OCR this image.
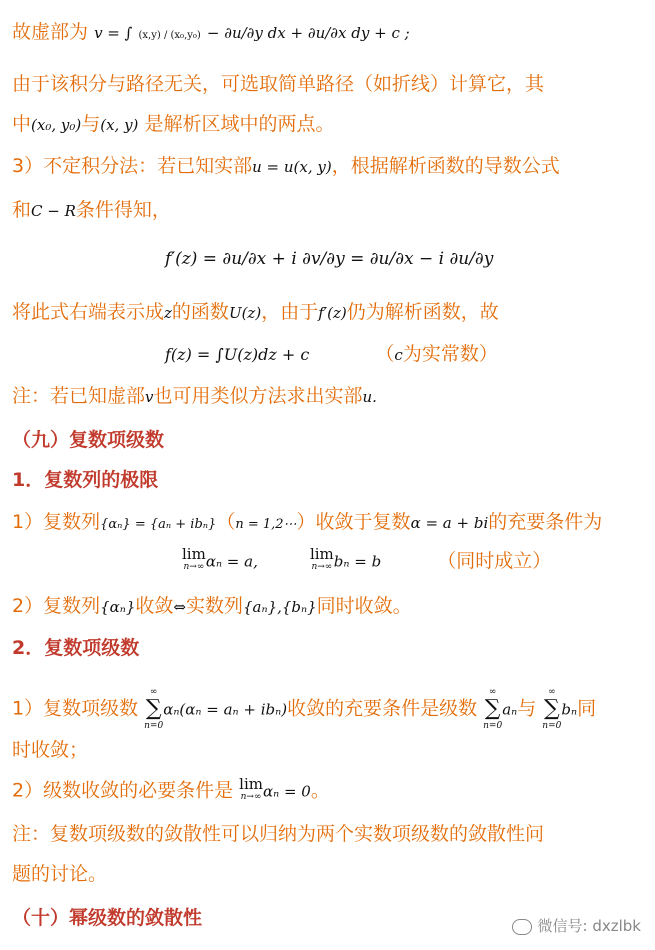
故虚部为 v = ∫ (x,y) / (x₀,y₀) − ∂u/∂y dx + ∂u/∂x dy + c ;
由于该积分与路径无关，可选取简单路径（如折线）计算它，其
中(x₀, y₀)与(x, y) 是解析区域中的两点。
3）不定积分法：若已知实部u = u(x, y)，根据解析函数的导数公式
和C − R条件得知，
f′(z) = ∂u/∂x + i ∂v/∂y = ∂u/∂x − i ∂u/∂y
将此式右端表示成z的函数U(z)，由于f′(z)仍为解析函数，故
f(z) = ∫U(z)dz + c	（c为实常数）
注：若已知虚部v也可用类似方法求出实部u.
（九）复数项级数
1．复数列的极限
1）复数列{αₙ} = {aₙ + ibₙ}（n = 1,2⋯）收敛于复数α = a + bi的充要条件为
lim
n→∞ αₙ = a,	lim
n→∞ bₙ = b	（同时成立）
2）复数列{αₙ}收敛⇔实数列{aₙ},{bₙ}同时收敛。
2．复数项级数
1）复数项级数
∞
∑
n=0
αₙ(αₙ = aₙ + ibₙ)收敛的充要条件是级数
∞
∑
n=0
aₙ与
∞
∑
n=0
bₙ同
时收敛；
2）级数收敛的必要条件是 lim
n→∞ αₙ = 0。
注：复数项级数的敛散性可以归纳为两个实数项级数的敛散性问
题的讨论。
（十）幂级数的敛散性	微信号: dxzlbk
